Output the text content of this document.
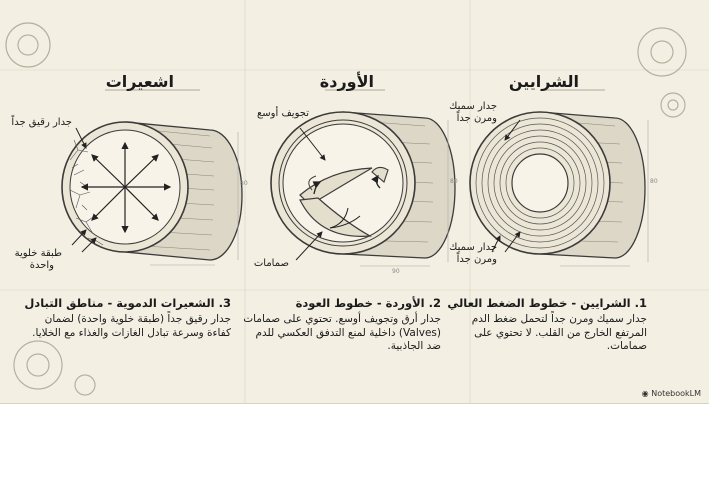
اشعيرات	الأوردة	الشرايين
جدار رقيق جداً
طبقة خلوية
واحدة
تجويف أوسع
صمامات
جدار سميك
ومرن جداً
جدار سميك
ومرن جداً
80	80
90
80
3. الشعيرات الدموية - مناطق التبادل
جدار رقيق جداً (طبقة خلوية واحدة) لضمان كفاءة وسرعة تبادل الغازات والغذاء مع الخلايا.
2. الأوردة - خطوط العودة
جدار أرق وتجويف أوسع. تحتوي على صمامات (Valves) داخلية لمنع التدفق العكسي للدم ضد الجاذبية.
1. الشرايين - خطوط الضغط العالي
جدار سميك ومرن جداً لتحمل ضغط الدم المرتفع الخارج من القلب. لا تحتوي على صمامات.
◉ NotebookLM
